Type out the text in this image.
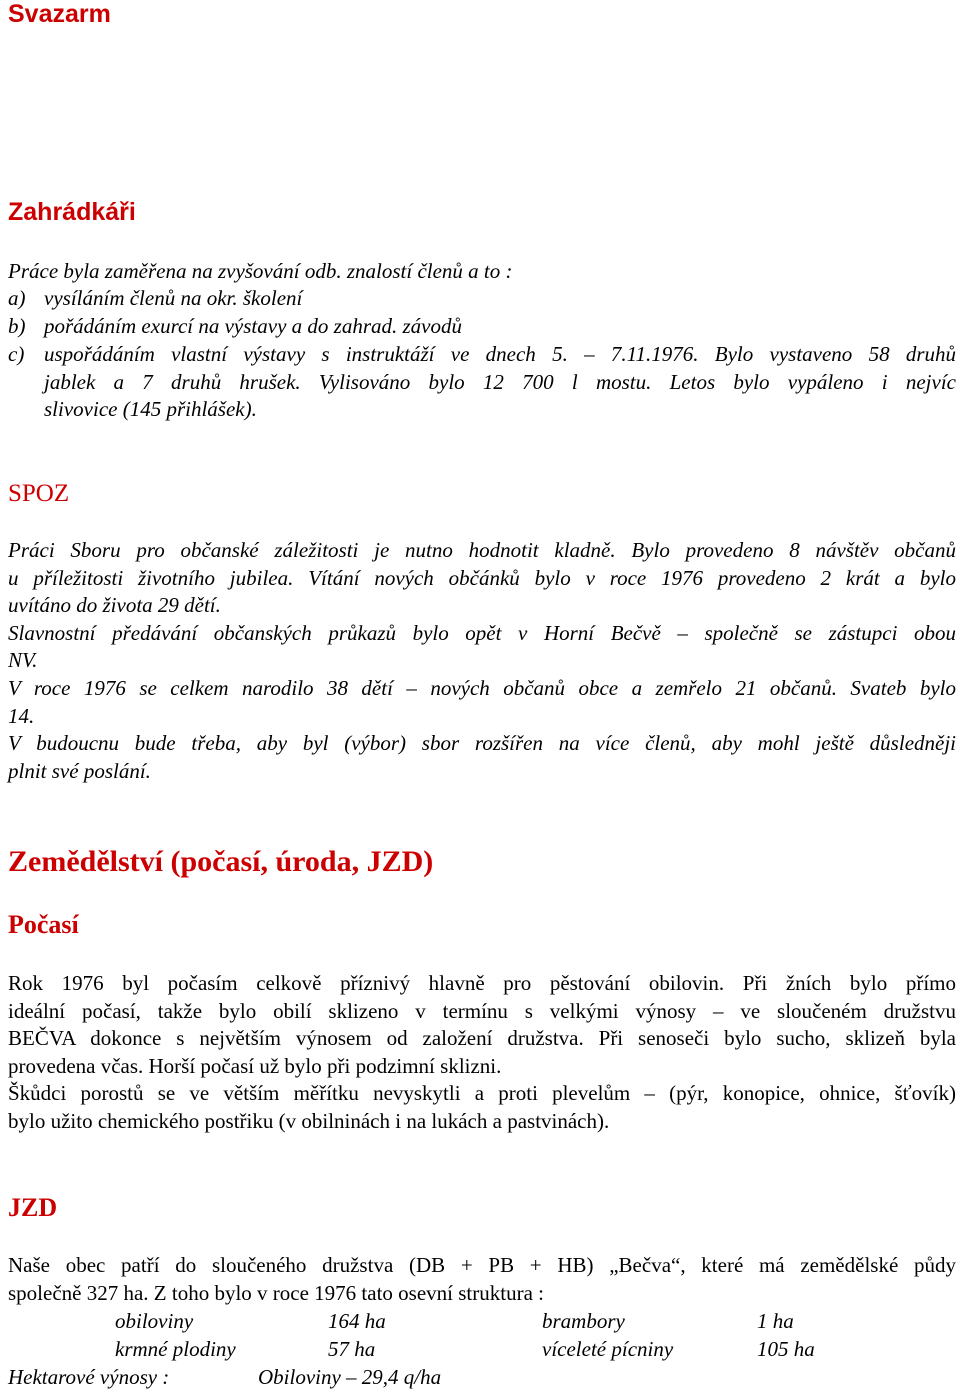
Svazarm
Zahrádkáři
Práce byla zaměřena na zvyšování odb. znalostí členů a to :
a) vysíláním členů na okr. školení
b) pořádáním exurcí na výstavy a do zahrad. závodů
c) uspořádáním vlastní výstavy s instruktáží ve dnech 5. – 7.11.1976. Bylo vystaveno 58 druhů
jablek a 7 druhů hrušek. Vylisováno bylo 12 700 l mostu. Letos bylo vypáleno i nejvíc
slivovice (145 přihlášek).
SPOZ
Práci Sboru pro občanské záležitosti je nutno hodnotit kladně. Bylo provedeno 8 návštěv občanů
u příležitosti životního jubilea. Vítání nových občánků bylo v roce 1976 provedeno 2 krát a bylo
uvítáno do života 29 dětí.
Slavnostní předávání občanských průkazů bylo opět v Horní Bečvě – společně se zástupci obou
NV.
V roce 1976 se celkem narodilo 38 dětí – nových občanů obce a zemřelo 21 občanů. Svateb bylo
14.
V budoucnu bude třeba, aby byl (výbor) sbor rozšířen na více členů, aby mohl ještě důsledněji
plnit své poslání.
Zemědělství (počasí, úroda, JZD)
Počasí
Rok 1976 byl počasím celkově příznivý hlavně pro pěstování obilovin. Při žních bylo přímo
ideální počasí, takže bylo obilí sklizeno v termínu s velkými výnosy – ve sloučeném družstvu
BEČVA dokonce s největším výnosem od založení družstva. Při senoseči bylo sucho, sklizeň byla
provedena včas. Horší počasí už bylo při podzimní sklizni.
Škůdci porostů se ve větším měřítku nevyskytli a proti plevelům – (pýr, konopice, ohnice, šťovík)
bylo užito chemického postřiku (v obilninách i na lukách a pastvinách).
JZD
Naše obec patří do sloučeného družstva (DB + PB + HB) „Bečva“, které má zemědělské půdy
společně 327 ha. Z toho bylo v roce 1976 tato osevní struktura :
obiloviny	164 ha	brambory	1 ha
krmné plodiny	57 ha	víceleté pícniny	105 ha
Hektarové výnosy :	Obiloviny – 29,4 q/ha
